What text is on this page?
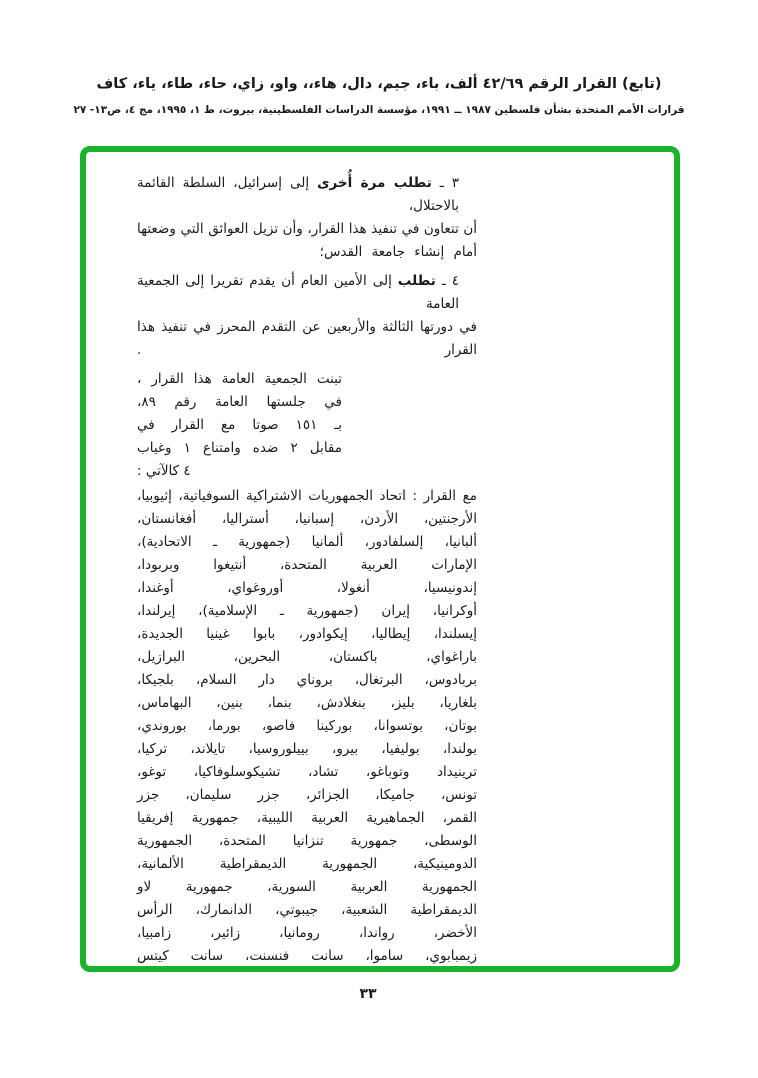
(تابع) القرار الرقم ٤٢/٦٩ ألف، باء، جيم، دال، هاء،، واو، زاي، حاء، طاء، ياء، كاف
قرارات الأمم المتحدة بشأن فلسطين ١٩٨٧ ــ ١٩٩١، مؤسسة الدراسات الفلسطينية، بيروت، ط ١، ١٩٩٥، مج ٤، ص١٣- ٢٧
٣ ـ تطلب مرة أُخرى إلى إسرائيل، السلطة القائمة بالاحتلال،
أن تتعاون في تنفيذ هذا القرار، وأن تزيل العوائق التي وضعتها
أمام إنشاء جامعة القدس؛
٤ ـ تطلب إلى الأمين العام أن يقدم تقريرا إلى الجمعية العامة
في دورتها الثالثة والأربعين عن التقدم المحرز في تنفيذ هذا القرار .
تبنت الجمعية العامة هذا القرار ،
في جلستها العامة رقم ٨٩،
بـ ١٥١ صوتا مع القرار في
مقابل ٢ ضده وامتناع ١ وغياب
٤ كالآتي :
مع القرار : اتحاد الجمهوريات الاشتراكية السوفياتية، إثيوبيا،
الأرجنتين، الأردن، إسبانيا، أستراليا، أفغانستان،
ألبانيا، إلسلفادور، ألمانيا (جمهورية ـ الاتحادية)،
الإمارات العربية المتحدة، أنتيغوا وبربودا،
إندونيسيا، أنغولا، أوروغواي، أوغندا،
أوكرانيا، إيران (جمهورية ـ الإسلامية)، إيرلندا،
إيسلندا، إيطاليا، إيكوادور، بابوا غينيا الجديدة،
باراغواي، باكستان، البحرين، البرازيل،
بربادوس، البرتغال، بروناي دار السلام، بلجيكا،
بلغاريا، بليز، بنغلادش، بنما، بنين، البهاماس،
بوتان، بوتسوانا، بوركينا فاصو، بورما، بوروندي،
بولندا، بوليفيا، بيرو، بييلوروسيا، تايلاند، تركيا،
ترينيداد وتوباغو، تشاد، تشيكوسلوفاكيا، توغو،
تونس، جاميكا، الجزائر، جزر سليمان، جزر
القمر، الجماهيرية العربية الليبية، جمهورية إفريقيا
الوسطى، جمهورية تنزانيا المتحدة، الجمهورية
الدومينيكية، الجمهورية الديمقراطية الألمانية،
الجمهورية العربية السورية، جمهورية لاو
الديمقراطية الشعبية، جيبوتي، الدانمارك، الرأس
الأخضر، رواندا، رومانيا، زائير، زامبيا،
زيمبابوي، ساموا، سانت فنسنت، سانت كيتس
٣٣
